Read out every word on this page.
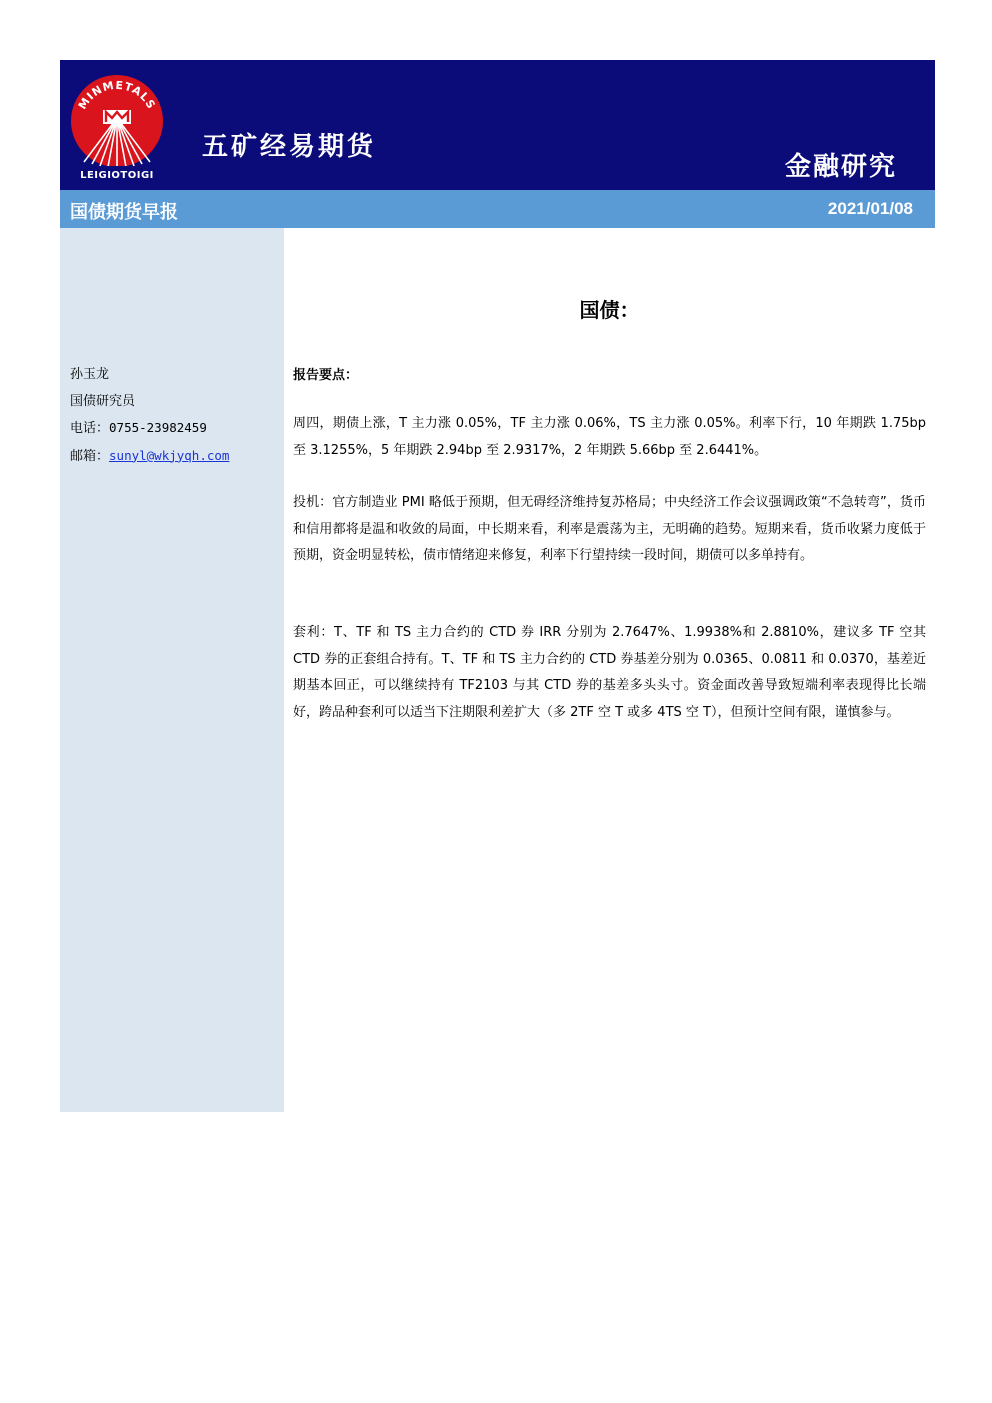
MINMETALS
LEIGIOTOIGI
五矿经易期货
金融研究
国债期货早报	2021/01/08
孙玉龙
国债研究员
电话：0755-23982459
邮箱：sunyl@wkjyqh.com
国债：
报告要点：
周四，期债上涨，T 主力涨 0.05%，TF 主力涨 0.06%，TS 主力涨 0.05%。利率下行，10 年期跌 1.75bp 至 3.1255%，5 年期跌 2.94bp 至 2.9317%，2 年期跌 5.66bp 至 2.6441%。
投机：官方制造业 PMI 略低于预期，但无碍经济维持复苏格局；中央经济工作会议强调政策“不急转弯”，货币和信用都将是温和收敛的局面，中长期来看，利率是震荡为主，无明确的趋势。短期来看，货币收紧力度低于预期，资金明显转松，债市情绪迎来修复，利率下行望持续一段时间，期债可以多单持有。
套利：T、TF 和 TS 主力合约的 CTD 券 IRR 分别为 2.7647%、1.9938%和 2.8810%，建议多 TF 空其 CTD 券的正套组合持有。T、TF 和 TS 主力合约的 CTD 券基差分别为 0.0365、0.0811 和 0.0370，基差近期基本回正，可以继续持有 TF2103 与其 CTD 券的基差多头头寸。资金面改善导致短端利率表现得比长端好，跨品种套利可以适当下注期限利差扩大（多 2TF 空 T 或多 4TS 空 T），但预计空间有限，谨慎参与。
